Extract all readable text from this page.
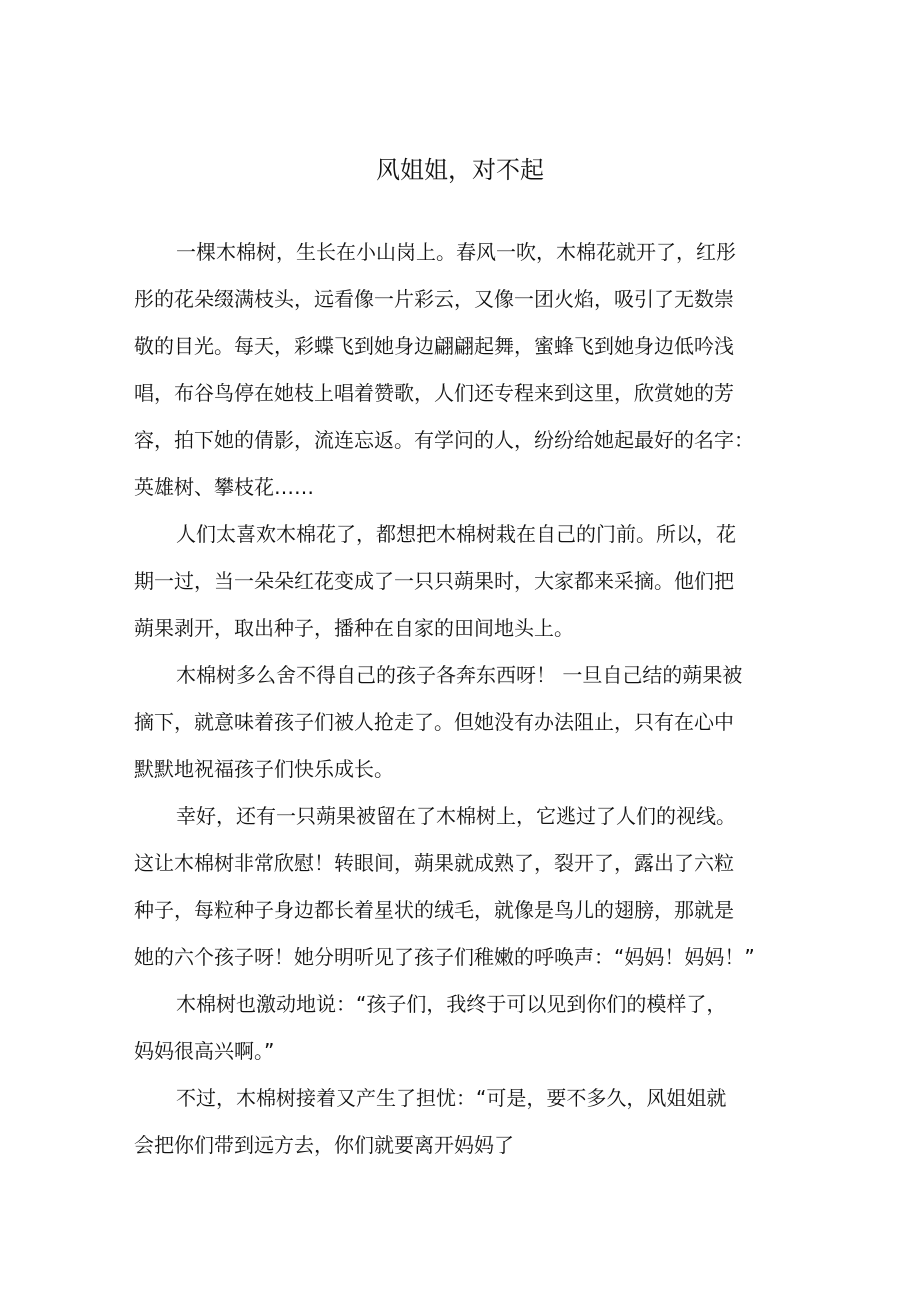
风姐姐，对不起
一棵木棉树，生长在小山岗上。春风一吹，木棉花就开了，红彤
彤的花朵缀满枝头，远看像一片彩云，又像一团火焰，吸引了无数崇
敬的目光。每天，彩蝶飞到她身边翩翩起舞，蜜蜂飞到她身边低吟浅
唱，布谷鸟停在她枝上唱着赞歌，人们还专程来到这里，欣赏她的芳
容，拍下她的倩影，流连忘返。有学问的人，纷纷给她起最好的名字：
英雄树、攀枝花……
人们太喜欢木棉花了，都想把木棉树栽在自己的门前。所以，花
期一过，当一朵朵红花变成了一只只蒴果时，大家都来采摘。他们把
蒴果剥开，取出种子，播种在自家的田间地头上。
木棉树多么舍不得自己的孩子各奔东西呀！ 一旦自己结的蒴果被
摘下，就意味着孩子们被人抢走了。但她没有办法阻止，只有在心中
默默地祝福孩子们快乐成长。
幸好，还有一只蒴果被留在了木棉树上，它逃过了人们的视线。
这让木棉树非常欣慰！转眼间，蒴果就成熟了，裂开了，露出了六粒
种子，每粒种子身边都长着星状的绒毛，就像是鸟儿的翅膀，那就是
她的六个孩子呀！她分明听见了孩子们稚嫩的呼唤声：“妈妈！妈妈！”
木棉树也激动地说：“孩子们，我终于可以见到你们的模样了，
妈妈很高兴啊。”
不过，木棉树接着又产生了担忧：“可是，要不多久，风姐姐就
会把你们带到远方去，你们就要离开妈妈了
